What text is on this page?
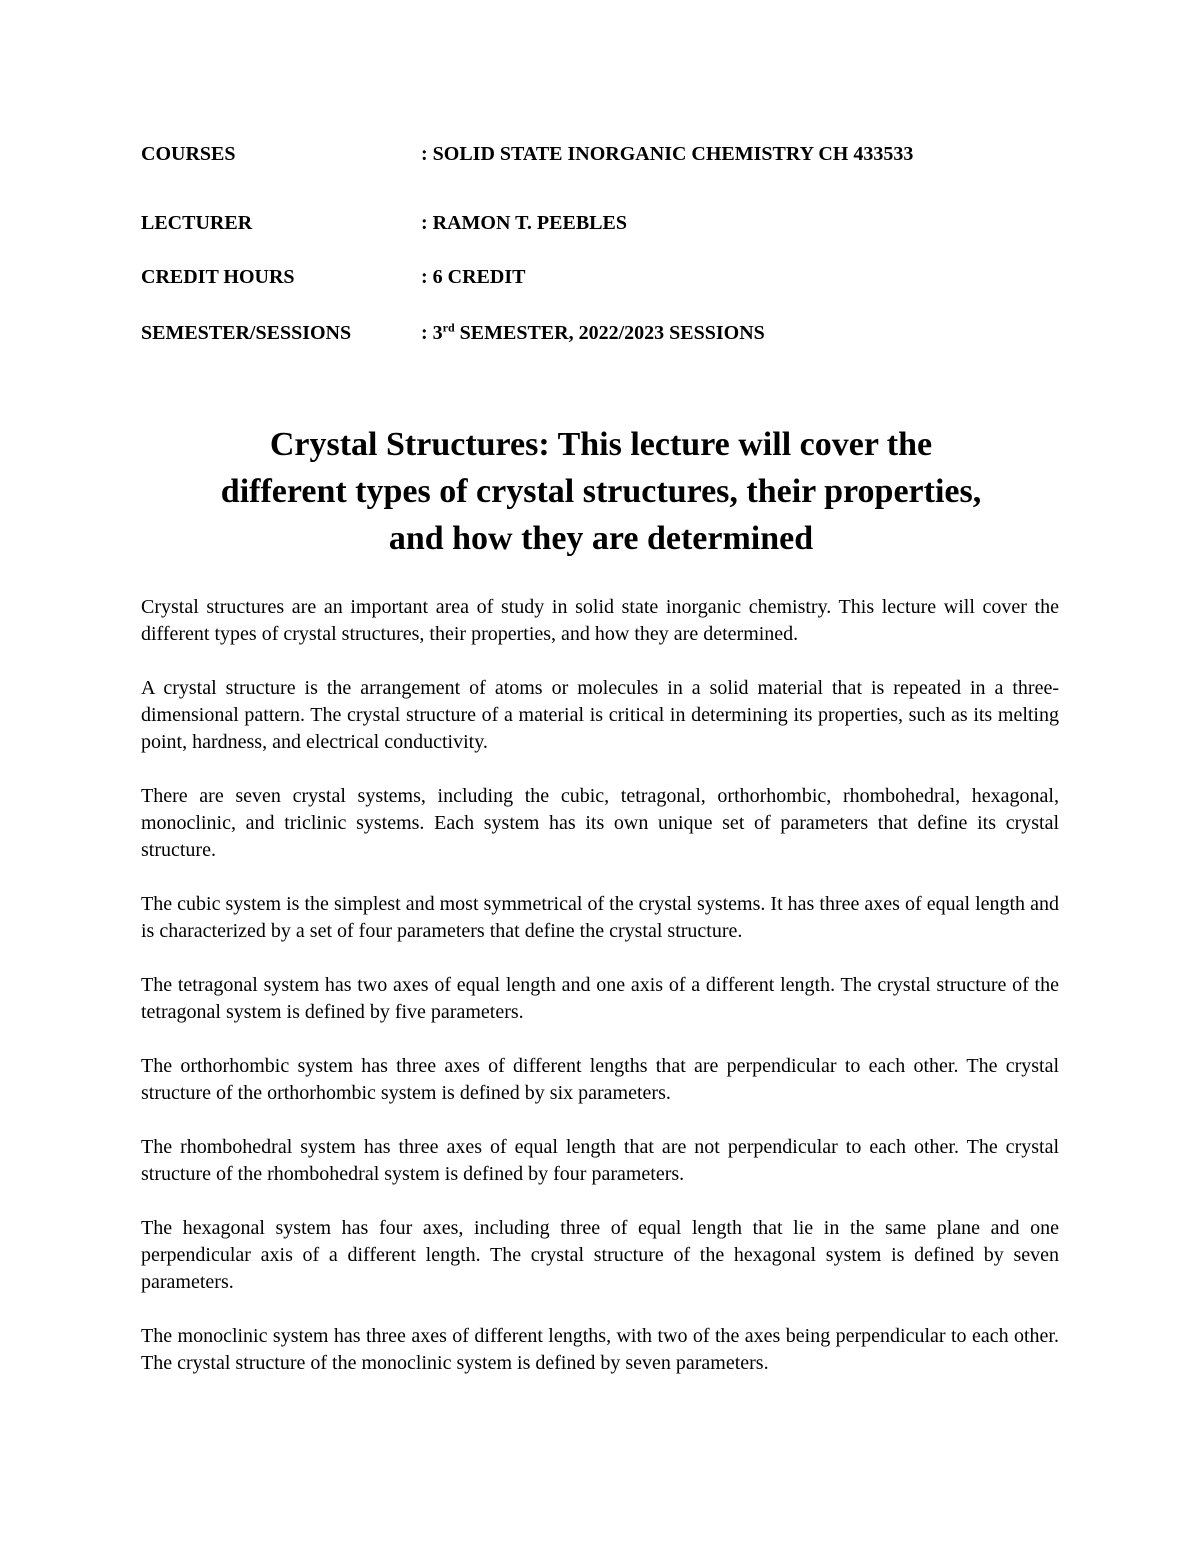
COURSES	: SOLID STATE INORGANIC CHEMISTRY CH 433533
LECTURER	: RAMON T. PEEBLES
CREDIT HOURS	: 6 CREDIT
SEMESTER/SESSIONS	: 3rd SEMESTER, 2022/2023 SESSIONS
Crystal Structures: This lecture will cover the
different types of crystal structures, their properties,
and how they are determined

Crystal structures are an important area of study in solid state inorganic chemistry. This lecture will cover the different types of crystal structures, their properties, and how they are determined.

A crystal structure is the arrangement of atoms or molecules in a solid material that is repeated in a three-dimensional pattern. The crystal structure of a material is critical in determining its properties, such as its melting point, hardness, and electrical conductivity.

There are seven crystal systems, including the cubic, tetragonal, orthorhombic, rhombohedral, hexagonal, monoclinic, and triclinic systems. Each system has its own unique set of parameters that define its crystal structure.

The cubic system is the simplest and most symmetrical of the crystal systems. It has three axes of equal length and is characterized by a set of four parameters that define the crystal structure.

The tetragonal system has two axes of equal length and one axis of a different length. The crystal structure of the tetragonal system is defined by five parameters.

The orthorhombic system has three axes of different lengths that are perpendicular to each other. The crystal structure of the orthorhombic system is defined by six parameters.

The rhombohedral system has three axes of equal length that are not perpendicular to each other. The crystal structure of the rhombohedral system is defined by four parameters.

The hexagonal system has four axes, including three of equal length that lie in the same plane and one perpendicular axis of a different length. The crystal structure of the hexagonal system is defined by seven parameters.

The monoclinic system has three axes of different lengths, with two of the axes being perpendicular to each other. The crystal structure of the monoclinic system is defined by seven parameters.
